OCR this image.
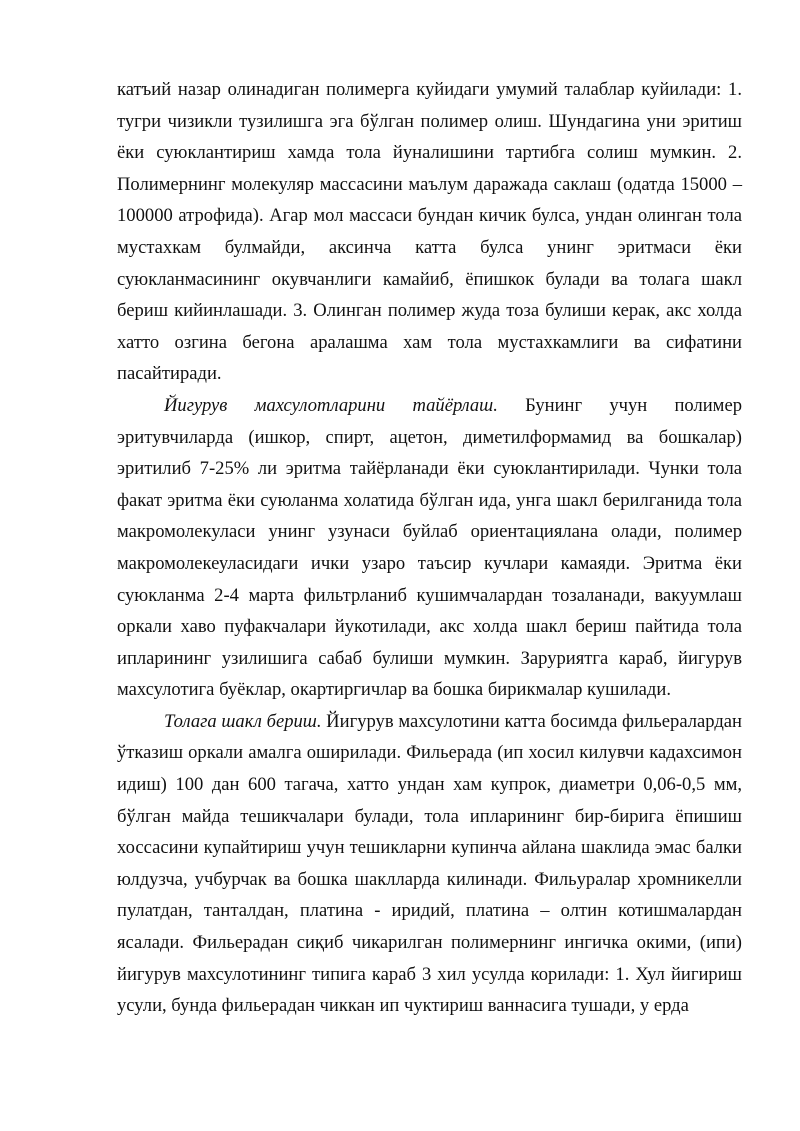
катъий назар олинадиган полимерга куйидаги умумий талаблар куйилади: 1. тугри чизикли тузилишга эга бўлган полимер олиш. Шундагина уни эритиш ёки суюклантириш хамда тола йуналишини тартибга солиш мумкин. 2. Полимернинг молекуляр массасини маълум даражада саклаш (одатда 15000 – 100000 атрофида). Агар мол массаси бундан кичик булса, ундан олинган тола мустахкам булмайди, аксинча катта булса унинг эритмаси ёки суюкланмасининг окувчанлиги камайиб, ёпишкок булади ва толага шакл бериш кийинлашади. 3. Олинган полимер жуда тоза булиши керак, акс холда хатто озгина бегона аралашма хам тола мустахкамлиги ва сифатини пасайтиради.

Йигурув махсулотларини тайёрлаш. Бунинг учун полимер эритувчиларда (ишкор, спирт, ацетон, диметилформамид ва бошкалар) эритилиб 7-25% ли эритма тайёрланади ёки суюклантирилади. Чунки тола факат эритма ёки суюланма холатида бўлган ида, унга шакл берилганида тола макромолекуласи унинг узунаси буйлаб ориентациялана олади, полимер макромолекеуласидаги ички узаро таъсир кучлари камаяди. Эритма ёки суюкланма 2-4 марта фильтрланиб кушимчалардан тозаланади, вакуумлаш оркали хаво пуфакчалари йукотилади, акс холда шакл бериш пайтида тола ипларининг узилишига сабаб булиши мумкин. Заруриятга караб, йигурув махсулотига буёклар, окартиргичлар ва бошка бирикмалар кушилади.

Толага шакл бериш. Йигурув махсулотини катта босимда фильералардан ўтказиш оркали амалга оширилади. Фильерада (ип хосил килувчи кадахсимон идиш) 100 дан 600 тагача, хатто ундан хам купрок, диаметри 0,06-0,5 мм, бўлган майда тешикчалари булади, тола ипларининг бир-бирига ёпишиш хоссасини купайтириш учун тешикларни купинча айлана шаклида эмас балки юлдузча, учбурчак ва бошка шаклларда килинади. Фильуралар хромникелли пулатдан, танталдан, платина - иридий, платина – олтин котишмалардан ясалади. Фильерадан сиқиб чикарилган полимернинг ингичка окими, (ипи) йигурув махсулотининг типига караб 3 хил усулда корилади: 1. Хул йигириш усули, бунда фильерадан чиккан ип чуктириш ваннасига тушади, у ерда
